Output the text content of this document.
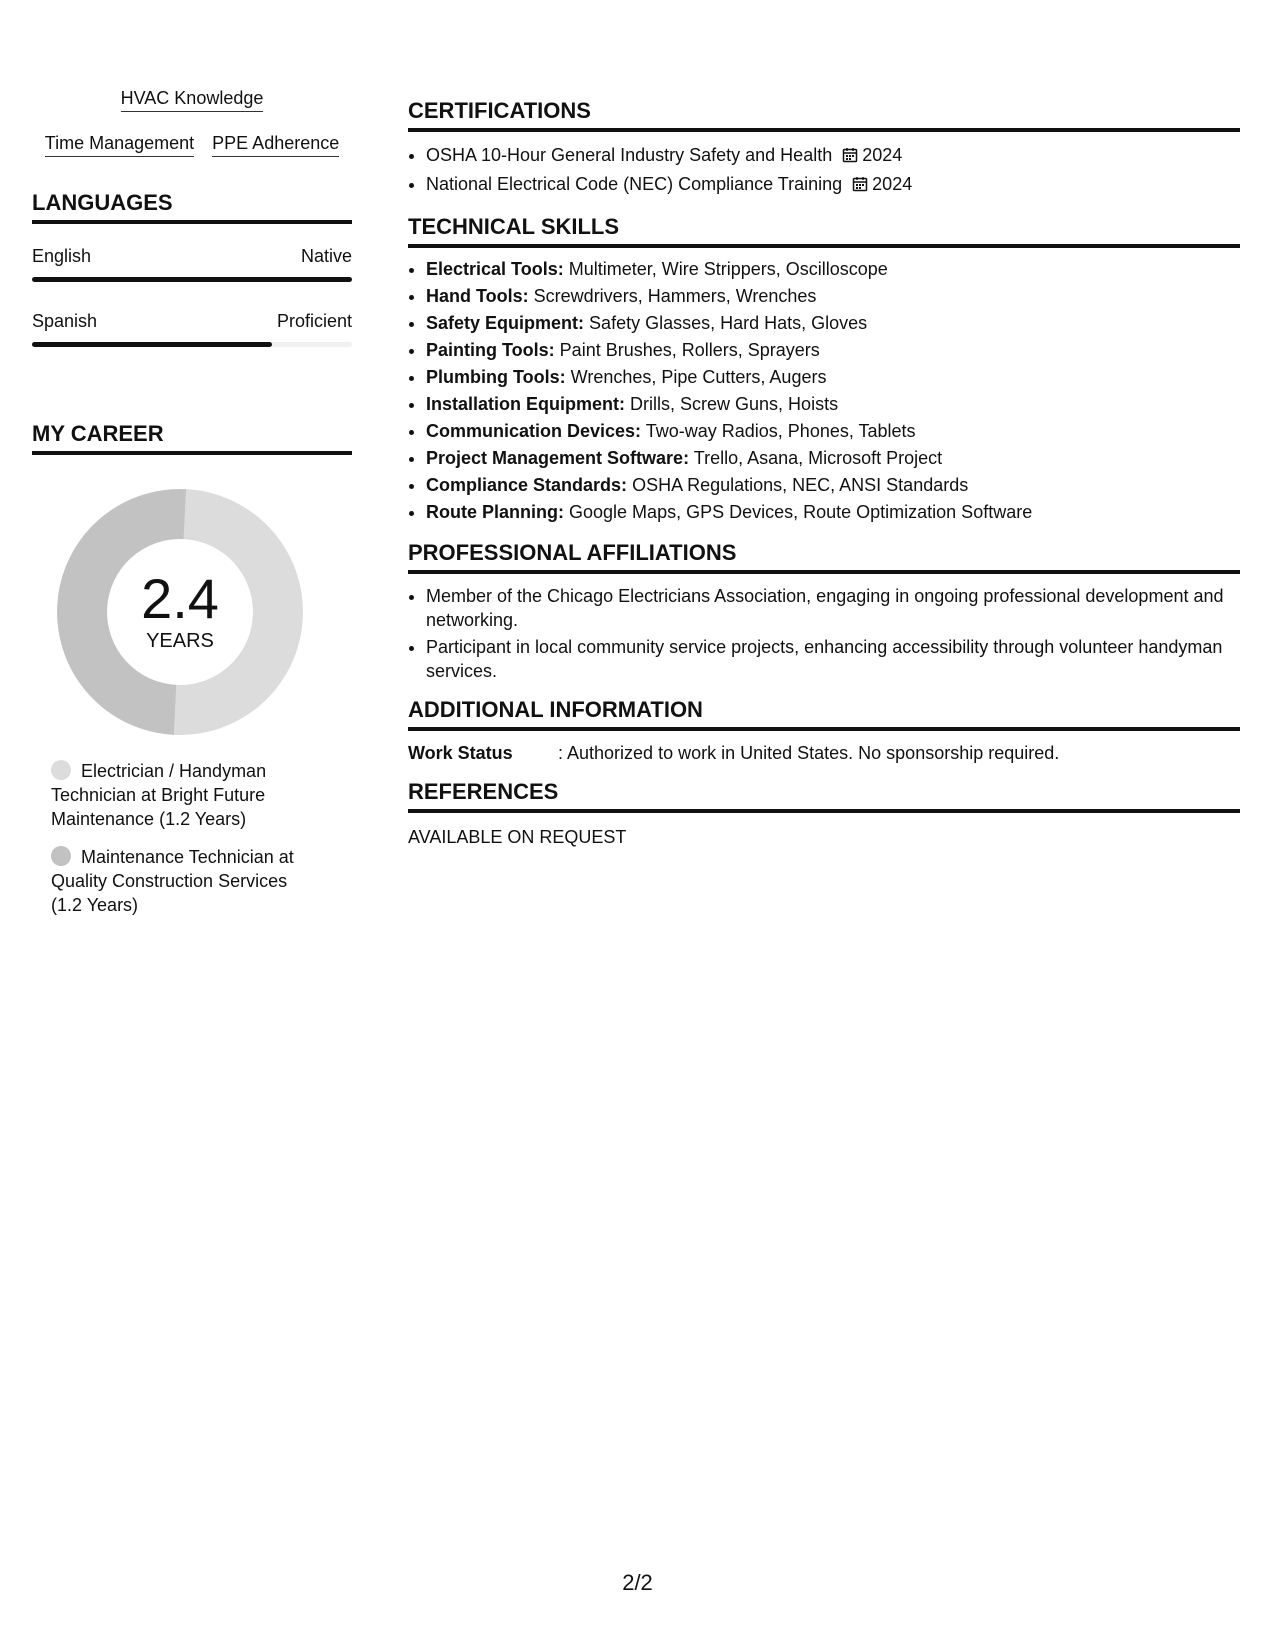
HVAC Knowledge
Time Management PPE Adherence
LANGUAGES
English	Native
Spanish	Proficient
MY CAREER
2.4
YEARS
Electrician / Handyman Technician at Bright Future Maintenance (1.2 Years)
Maintenance Technician at Quality Construction Services (1.2 Years)
CERTIFICATIONS
• OSHA 10-Hour General Industry Safety and Health 2024
• National Electrical Code (NEC) Compliance Training 2024
TECHNICAL SKILLS
• Electrical Tools: Multimeter, Wire Strippers, Oscilloscope
• Hand Tools: Screwdrivers, Hammers, Wrenches
• Safety Equipment: Safety Glasses, Hard Hats, Gloves
• Painting Tools: Paint Brushes, Rollers, Sprayers
• Plumbing Tools: Wrenches, Pipe Cutters, Augers
• Installation Equipment: Drills, Screw Guns, Hoists
• Communication Devices: Two-way Radios, Phones, Tablets
• Project Management Software: Trello, Asana, Microsoft Project
• Compliance Standards: OSHA Regulations, NEC, ANSI Standards
• Route Planning: Google Maps, GPS Devices, Route Optimization Software
PROFESSIONAL AFFILIATIONS
• Member of the Chicago Electricians Association, engaging in ongoing professional development and networking.
• Participant in local community service projects, enhancing accessibility through volunteer handyman services.
ADDITIONAL INFORMATION
Work Status	: Authorized to work in United States. No sponsorship required.
REFERENCES
AVAILABLE ON REQUEST
2/2
